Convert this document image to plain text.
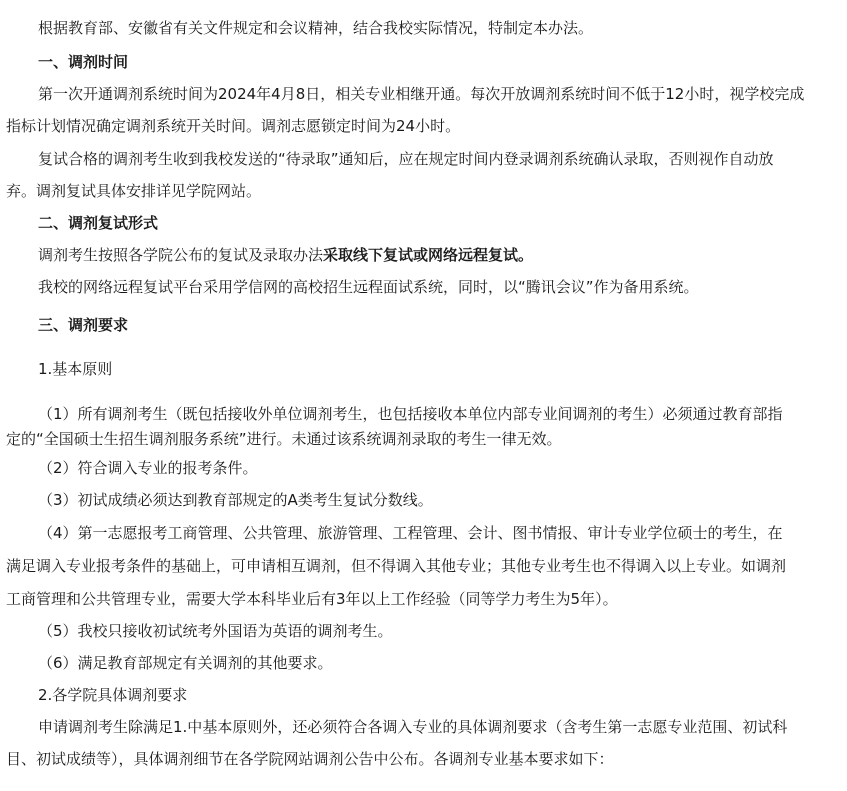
根据教育部、安徽省有关文件规定和会议精神，结合我校实际情况，特制定本办法。
一、调剂时间
第一次开通调剂系统时间为2024年4月8日，相关专业相继开通。每次开放调剂系统时间不低于12小时，视学校完成
指标计划情况确定调剂系统开关时间。调剂志愿锁定时间为24小时。
复试合格的调剂考生收到我校发送的“待录取”通知后，应在规定时间内登录调剂系统确认录取，否则视作自动放
弃。调剂复试具体安排详见学院网站。
二、调剂复试形式
调剂考生按照各学院公布的复试及录取办法采取线下复试或网络远程复试。
我校的网络远程复试平台采用学信网的高校招生远程面试系统，同时，以“腾讯会议”作为备用系统。
三、调剂要求
1.基本原则
（1）所有调剂考生（既包括接收外单位调剂考生，也包括接收本单位内部专业间调剂的考生）必须通过教育部指
定的“全国硕士生招生调剂服务系统”进行。未通过该系统调剂录取的考生一律无效。
（2）符合调入专业的报考条件。
（3）初试成绩必须达到教育部规定的A类考生复试分数线。
（4）第一志愿报考工商管理、公共管理、旅游管理、工程管理、会计、图书情报、审计专业学位硕士的考生，在
满足调入专业报考条件的基础上，可申请相互调剂，但不得调入其他专业；其他专业考生也不得调入以上专业。如调剂
工商管理和公共管理专业，需要大学本科毕业后有3年以上工作经验（同等学力考生为5年）。
（5）我校只接收初试统考外国语为英语的调剂考生。
（6）满足教育部规定有关调剂的其他要求。
2.各学院具体调剂要求
申请调剂考生除满足1.中基本原则外，还必须符合各调入专业的具体调剂要求（含考生第一志愿专业范围、初试科
目、初试成绩等），具体调剂细节在各学院网站调剂公告中公布。各调剂专业基本要求如下：
